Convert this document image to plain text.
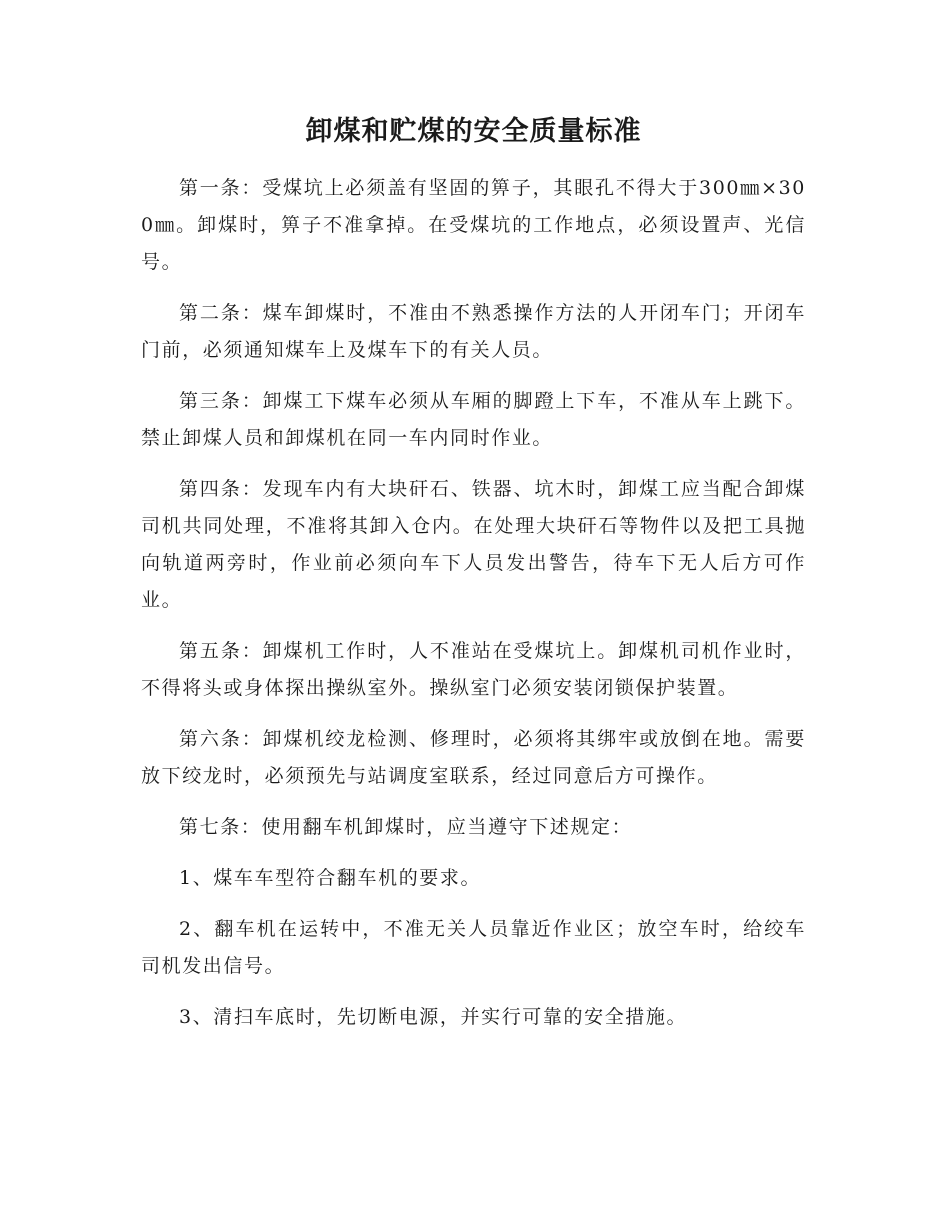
卸煤和贮煤的安全质量标准

第一条：受煤坑上必须盖有坚固的箅子，其眼孔不得大于300㎜×300㎜。卸煤时，箅子不准拿掉。在受煤坑的工作地点，必须设置声、光信号。

第二条：煤车卸煤时，不准由不熟悉操作方法的人开闭车门；开闭车门前，必须通知煤车上及煤车下的有关人员。

第三条：卸煤工下煤车必须从车厢的脚蹬上下车，不准从车上跳下。禁止卸煤人员和卸煤机在同一车内同时作业。

第四条：发现车内有大块矸石、铁器、坑木时，卸煤工应当配合卸煤司机共同处理，不准将其卸入仓内。在处理大块矸石等物件以及把工具抛向轨道两旁时，作业前必须向车下人员发出警告，待车下无人后方可作业。

第五条：卸煤机工作时，人不准站在受煤坑上。卸煤机司机作业时，不得将头或身体探出操纵室外。操纵室门必须安装闭锁保护装置。

第六条：卸煤机绞龙检测、修理时，必须将其绑牢或放倒在地。需要放下绞龙时，必须预先与站调度室联系，经过同意后方可操作。

第七条：使用翻车机卸煤时，应当遵守下述规定：

1、煤车车型符合翻车机的要求。

2、翻车机在运转中，不准无关人员靠近作业区；放空车时，给绞车司机发出信号。

3、清扫车底时，先切断电源，并实行可靠的安全措施。
